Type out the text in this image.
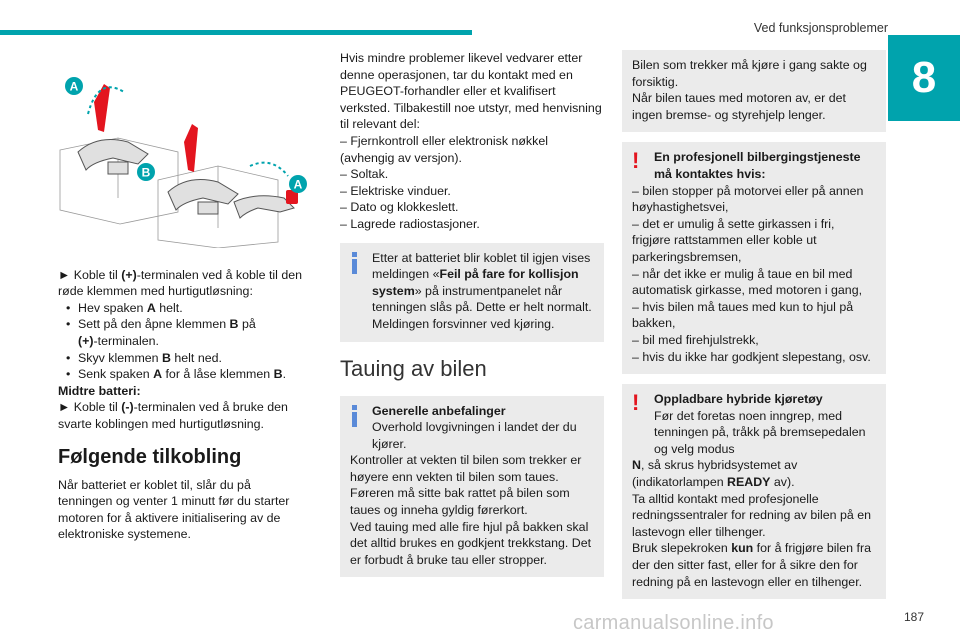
Ved funksjonsproblemer
8
A
B
A

► Koble til (+)-terminalen ved å koble til den røde klemmen med hurtigutløsning:

• Hev spaken A helt.
• Sett på den åpne klemmen B på
(+)-terminalen.
• Skyv klemmen B helt ned.
• Senk spaken A for å låse klemmen B.

Midtre batteri:

► Koble til (-)-terminalen ved å bruke den svarte koblingen med hurtigutløsning.

Følgende tilkobling

Når batteriet er koblet til, slår du på tenningen og venter 1 minutt før du starter motoren for å aktivere initialisering av de elektroniske systemene.

Hvis mindre problemer likevel vedvarer etter denne operasjonen, tar du kontakt med en PEUGEOT-forhandler eller et kvalifisert verksted. Tilbakestill noe utstyr, med henvisning til relevant del:

– Fjernkontroll eller elektronisk nøkkel (avhengig av versjon).

– Soltak.

– Elektriske vinduer.

– Dato og klokkeslett.

– Lagrede radiostasjoner.

Etter at batteriet blir koblet til igjen vises meldingen «Feil på fare for kollisjon system» på instrumentpanelet når tenningen slås på. Dette er helt normalt. Meldingen forsvinner ved kjøring.
Tauing av bilen
Generelle anbefalinger
Overhold lovgivningen i landet der du kjører.

Kontroller at vekten til bilen som trekker er høyere enn vekten til bilen som taues.

Føreren må sitte bak rattet på bilen som taues og inneha gyldig førerkort.

Ved tauing med alle fire hjul på bakken skal det alltid brukes en godkjent trekkstang. Det er forbudt å bruke tau eller stropper.

Bilen som trekker må kjøre i gang sakte og forsiktig.

Når bilen taues med motoren av, er det ingen bremse- og styrehjelp lenger.

! En profesjonell bilbergingstjeneste må kontaktes hvis:

– bilen stopper på motorvei eller på annen høyhastighetsvei,

– det er umulig å sette girkassen i fri, frigjøre rattstammen eller koble ut parkeringsbremsen,

– når det ikke er mulig å taue en bil med automatisk girkasse, med motoren i gang,

– hvis bilen må taues med kun to hjul på bakken,

– bil med firehjulstrekk,

– hvis du ikke har godkjent slepestang, osv.

! Oppladbare hybride kjøretøy
Før det foretas noen inngrep, med tenningen på, tråkk på bremsepedalen og velg modus

N, så skrus hybridsystemet av (indikatorlampen READY av).

Ta alltid kontakt med profesjonelle redningssentraler for redning av bilen på en lastevogn eller tilhenger.

Bruk slepekroken kun for å frigjøre bilen fra der den sitter fast, eller for å sikre den for redning på en lastevogn eller en tilhenger.

187
carmanualsonline.info
